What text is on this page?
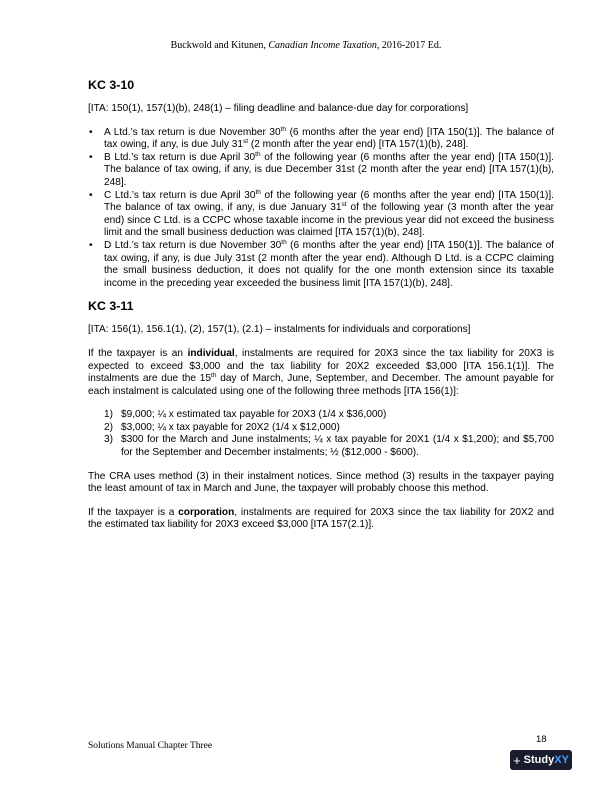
Buckwold and Kitunen, Canadian Income Taxation, 2016-2017 Ed.
KC 3-10

[ITA: 150(1), 157(1)(b), 248(1) – filing deadline and balance-due day for corporations]

• A Ltd.’s tax return is due November 30th (6 months after the year end) [ITA 150(1)]. The balance of tax owing, if any, is due July 31st (2 month after the year end) [ITA 157(1)(b), 248].
• B Ltd.’s tax return is due April 30th of the following year (6 months after the year end) [ITA 150(1)]. The balance of tax owing, if any, is due December 31st (2 month after the year end) [ITA 157(1)(b), 248].
• C Ltd.’s tax return is due April 30th of the following year (6 months after the year end) [ITA 150(1)]. The balance of tax owing, if any, is due January 31st of the following year (3 month after the year end) since C Ltd. is a CCPC whose taxable income in the previous year did not exceed the business limit and the small business deduction was claimed [ITA 157(1)(b), 248].
• D Ltd.’s tax return is due November 30th (6 months after the year end) [ITA 150(1)]. The balance of tax owing, if any, is due July 31st (2 month after the year end). Although D Ltd. is a CCPC claiming the small business deduction, it does not qualify for the one month extension since its taxable income in the preceding year exceeded the business limit [ITA 157(1)(b), 248].
KC 3-11

[ITA: 156(1), 156.1(1), (2), 157(1), (2.1) – instalments for individuals and corporations]

If the taxpayer is an individual, instalments are required for 20X3 since the tax liability for 20X3 is expected to exceed $3,000 and the tax liability for 20X2 exceeded $3,000 [ITA 156.1(1)]. The instalments are due the 15th day of March, June, September, and December. The amount payable for each instalment is calculated using one of the following three methods [ITA 156(1)]:

1) $9,000; ¼ x estimated tax payable for 20X3 (1/4 x $36,000)
2) $3,000; ¼ x tax payable for 20X2 (1/4 x $12,000)
3) $300 for the March and June instalments; ¼ x tax payable for 20X1 (1/4 x $1,200); and $5,700 for the September and December instalments; ½ ($12,000 - $600).

The CRA uses method (3) in their instalment notices. Since method (3) results in the taxpayer paying the least amount of tax in March and June, the taxpayer will probably choose this method.

If the taxpayer is a corporation, instalments are required for 20X3 since the tax liability for 20X2 and the estimated tax liability for 20X3 exceed $3,000 [ITA 157(2.1)].

18
Solutions Manual Chapter Three
+ Study XY
